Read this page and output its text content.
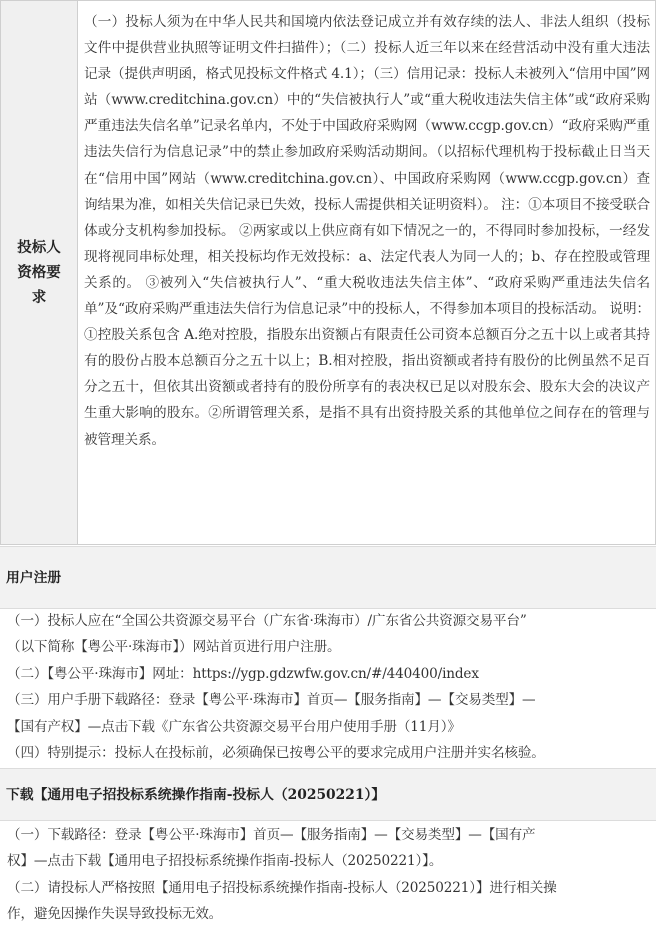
投标人
资格要
求
	（一）投标人须为在中华人民共和国境内依法登记成立并有效存续的法人、非法人组织（投标文件中提供营业执照等证明文件扫描件）；（二）投标人近三年以来在经营活动中没有重大违法记录（提供声明函，格式见投标文件格式 4.1）；（三）信用记录：投标人未被列入“信用中国”网站（www.creditchina.gov.cn）中的“失信被执行人”或“重大税收违法失信主体”或“政府采购严重违法失信名单”记录名单内，不处于中国政府采购网（www.ccgp.gov.cn）“政府采购严重违法失信行为信息记录”中的禁止参加政府采购活动期间。（以招标代理机构于投标截止日当天在“信用中国”网站（www.creditchina.gov.cn）、中国政府采购网（www.ccgp.gov.cn）查询结果为准，如相关失信记录已失效，投标人需提供相关证明资料）。 注：①本项目不接受联合体或分支机构参加投标。 ②两家或以上供应商有如下情况之一的，不得同时参加投标，一经发现将视同串标处理，相关投标均作无效投标：a、法定代表人为同一人的；b、存在控股或管理关系的。 ③被列入“失信被执行人”、“重大税收违法失信主体”、“政府采购严重违法失信名单”及“政府采购严重违法失信行为信息记录”中的投标人，不得参加本项目的投标活动。 说明：①控股关系包含 A.绝对控股，指股东出资额占有限责任公司资本总额百分之五十以上或者其持有的股份占股本总额百分之五十以上；B.相对控股，指出资额或者持有股份的比例虽然不足百分之五十，但依其出资额或者持有的股份所享有的表决权已足以对股东会、股东大会的决议产生重大影响的股东。②所谓管理关系，是指不具有出资持股关系的其他单位之间存在的管理与被管理关系。
用户注册
（一）投标人应在“全国公共资源交易平台（广东省·珠海市）/广东省公共资源交易平台”
（以下简称【粤公平·珠海市】）网站首页进行用户注册。
（二）【粤公平·珠海市】网址：https://ygp.gdzwfw.gov.cn/#/440400/index
（三）用户手册下载路径：登录【粤公平·珠海市】首页—【服务指南】—【交易类型】—
【国有产权】—点击下载《广东省公共资源交易平台用户使用手册（11月）》
（四）特别提示：投标人在投标前，必须确保已按粤公平的要求完成用户注册并实名核验。
下载【通用电子招投标系统操作指南-投标人（20250221）】
（一）下载路径：登录【粤公平·珠海市】首页—【服务指南】—【交易类型】—【国有产
权】—点击下载【通用电子招投标系统操作指南-投标人（20250221）】。
（二）请投标人严格按照【通用电子招投标系统操作指南-投标人（20250221）】进行相关操
作，避免因操作失误导致投标无效。
